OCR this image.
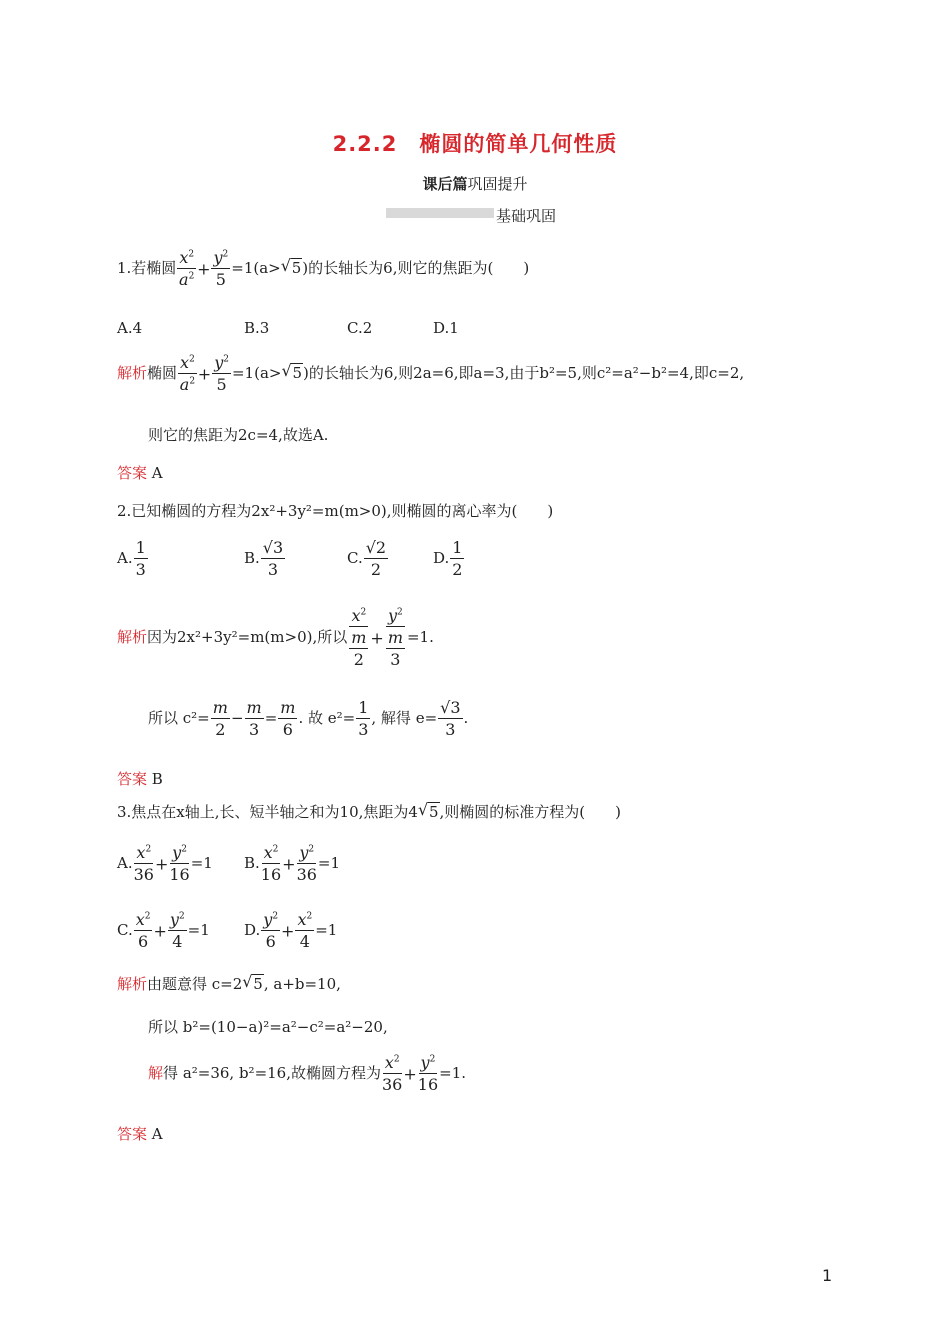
2.2.2　椭圆的简单几何性质
课后篇巩固提升
基础巩固
1.若椭圆 $\frac{x^2}{a^2} + \frac{y^2}{5} =1(a>√$ 5)的长轴长为6,则它的焦距为(　　)
A.4	B.3	C.2	D.1
解析椭圆 $\frac{x^2}{a^2} + \frac{y^2}{5} =1(a>√$ 5)的长轴长为6,则2a=6,即a=3,由于b²=5,则c²=a²−b²=4,即c=2,
则它的焦距为2c=4,故选A.
答案 A
2.已知椭圆的方程为2x²+3y²=m(m>0),则椭圆的离心率为(　　)
A. $\frac{1}{3}$	B. $\frac{√3}{3}$	C. $\frac{√2}{2}$	D. $\frac{1}{2}$
解析因为2x²+3y²=m(m>0),所以 $\frac{x^2}{\frac{m}{2}} + \frac{y^2}{\frac{m}{3}} =1$.
所以 $c^2= \frac{m}{2} - \frac{m}{3} = \frac{m}{6}$ . 故 $e^2= \frac{1}{3}$ , 解得 $e= \frac{√3}{3}$ .
答案 B
3.焦点在x轴上,长、短半轴之和为10,焦距为4√ 5,则椭圆的标准方程为(　　)
A. $\frac{x^2}{36} + \frac{y^2}{16} =1$ B. $\frac{x^2}{16} + \frac{y^2}{36} =1$
C. $\frac{x^2}{6} + \frac{y^2}{4} =1$ D. $\frac{y^2}{6} + \frac{x^2}{4} =1$
解析由题意得 c=2√ 5, a+b=10,
所以 b²=(10−a)²=a²−c²=a²−20,
解得 a²=36, b²=16,故椭圆方程为 $\frac{x^2}{36} + \frac{y^2}{16} =1$.
答案 A
1
